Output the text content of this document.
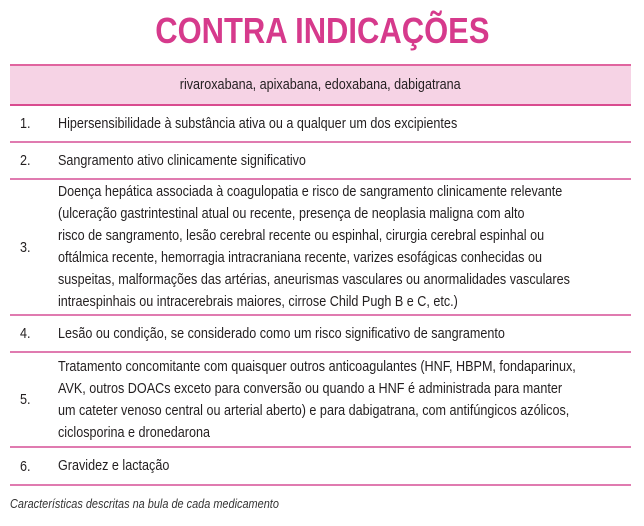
CONTRA INDICAÇÕES
rivaroxabana, apixabana, edoxabana, dabigatrana
1. Hipersensibilidade à substância ativa ou a qualquer um dos excipientes
2. Sangramento ativo clinicamente significativo
3.
Doença hepática associada à coagulopatia e risco de sangramento clinicamente relevante
(ulceração gastrintestinal atual ou recente, presença de neoplasia maligna com alto
risco de sangramento, lesão cerebral recente ou espinhal, cirurgia cerebral espinhal ou
oftálmica recente, hemorragia intracraniana recente, varizes esofágicas conhecidas ou
suspeitas, malformações das artérias, aneurismas vasculares ou anormalidades vasculares
intraespinhais ou intracerebrais maiores, cirrose Child Pugh B e C, etc.)
4. Lesão ou condição, se considerado como um risco significativo de sangramento
5.
Tratamento concomitante com quaisquer outros anticoagulantes (HNF, HBPM, fondaparinux,
AVK, outros DOACs exceto para conversão ou quando a HNF é administrada para manter
um cateter venoso central ou arterial aberto) e para dabigatrana, com antifúngicos azólicos,
ciclosporina e dronedarona
6. Gravidez e lactação
Características descritas na bula de cada medicamento
